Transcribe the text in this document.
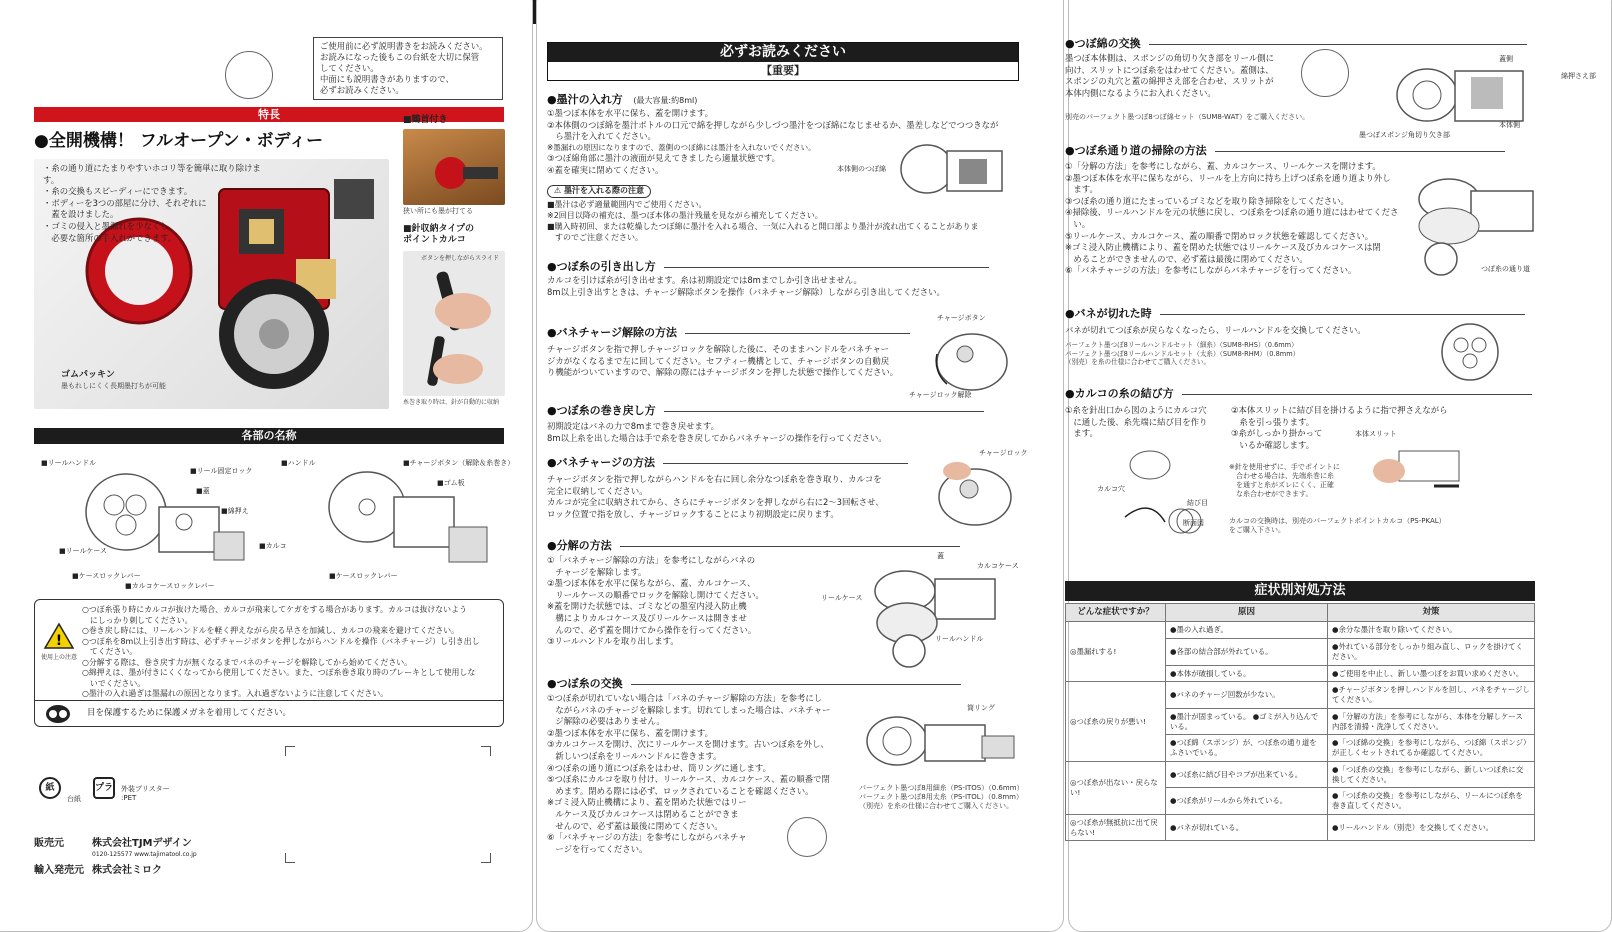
ご使用前に必ず説明書きをお読みください。
お読みになった後もこの台紙を大切に保管
してください。
中面にも説明書きがありますので、
必ずお読みください。
特長
●全開機構！ フルオープン・ボディー

・糸の通り道にたまりやすいホコリ等を簡単に取り除けます。

・糸の交換もスピーディーにできます。

・ボディーを3つの部屋に分け、それぞれに

　蓋を設けました。

・ゴミの侵入と墨漏れを少なくし、

　必要な箇所の手入れができます。

ゴムパッキン
墨もれしにくく長期墨打ちが可能
■鶴首付き
狭い所にも墨が打てる
■針収納タイプの
ポイントカルコ
ボタンを押しながらスライド
糸巻き取り時は、針が自動的に収納
各部の名称
■リールハンドル
■リール固定ロック
■蓋
■綿押え
■リールケース
■カルコ
■ケースロックレバー
■カルコケースロックレバー
■ハンドル	■チャージボタン（解除＆糸巻き）
■ゴム板
■ケースロックレバー
!
使用上の注意

○つぼ糸張り時にカルコが抜けた場合、カルコが飛来してケガをする場合があります。カルコは抜けないよう

　にしっかり刺してください。

○巻き戻し時には、リールハンドルを軽く押えながら戻る早さを加減し、カルコの飛来を避けてください。

○つぼ糸を8m以上引き出す時は、必ずチャージボタンを押しながらハンドルを操作（バネチャージ）し引き出し

　てください。

○分解する際は、巻き戻す力が無くなるまでバネのチャージを解除してから始めてください。

○綿押えは、墨が付きにくくなってから使用してください。また、つぼ糸巻き取り時のブレーキとして使用しな

　いでください。

○墨汁の入れ過ぎは墨漏れの原因となります。入れ過ぎないように注意してください。

目を保護するために保護メガネを着用してください。
紙
台紙
プラ 外装ブリスター
:PET
販売元	株式会社TJMデザイン
0120-125577 www.tajimatool.co.jp
輸入発売元 株式会社ミロク
必ずお読みください
【重要】
●墨汁の入れ方 (最大容量:約8ml)

①墨つぼ本体を水平に保ち、蓋を開けます。

②本体側のつぼ綿を墨汁ボトルの口元で綿を押しながら少しづつ墨汁をつぼ綿になじませるか、墨差しなどでつつきなが

　ら墨汁を入れてください。

※墨漏れの原因になりますので、蓋側のつぼ綿には墨汁を入れないでください。

③つぼ綿角部に墨汁の液面が見えてきましたら適量状態です。

④蓋を確実に閉めてください。

⚠ 墨汁を入れる際の注意

■墨汁は必ず適量範囲内でご使用ください。

※2回目以降の補充は、墨つぼ本体の墨汁残量を見ながら補充してください。

■購入時初回、または乾燥したつぼ綿に墨汁を入れる場合、一気に入れると開口部より墨汁が流れ出てくることがありま

　すのでご注意ください。

本体側のつぼ綿
●つぼ糸の引き出し方

カルコを引けば糸が引き出せます。糸は初期設定では8mまでしか引き出せません。

8m以上引き出すときは、チャージ解除ボタンを操作（バネチャージ解除）しながら引き出してください。

●バネチャージ解除の方法

チャージボタンを指で押しチャージロックを解除した後に、そのままハンドルをバネチャー

ジカがなくなるまで左に回してください。セフティー機構として、チャージボタンの自動戻

り機能がついていますので、解除の際にはチャージボタンを押した状態で操作してください。

チャージボタン
チャージロック解除
●つぼ糸の巻き戻し方

初期設定はバネの力で8mまで巻き戻せます。

8m以上糸を出した場合は手で糸を巻き戻してからバネチャージの操作を行ってください。

●バネチャージの方法

チャージボタンを指で押しながらハンドルを右に回し余分なつぼ糸を巻き取り、カルコを

完全に収納してください。

カルコが完全に収納されてから、さらにチャージボタンを押しながら右に2〜3回転させ、

ロック位置で指を放し、チャージロックすることにより初期設定に戻ります。

チャージロック
●分解の方法

①「バネチャージ解除の方法」を参考にしながらバネの

　チャージを解除します。

②墨つぼ本体を水平に保ちながら、蓋、カルコケース、

　リールケースの順番でロックを解除し開けてください。

※蓋を開けた状態では、ゴミなどの墨室内浸入防止機

　構によりカルコケース及びリールケースは開きませ

　んので、必ず蓋を開けてから操作を行ってください。

③リールハンドルを取り出します。

蓋
カルコケース
リールケース
リールハンドル
●つぼ糸の交換

①つぼ糸が切れていない場合は「バネのチャージ解除の方法」を参考にし

　ながらバネのチャージを解除します。切れてしまった場合は、バネチャー

　ジ解除の必要はありません。

②墨つぼ本体を水平に保ち、蓋を開けます。

③カルコケースを開け、次にリールケースを開けます。古いつぼ糸を外し、

　新しいつぼ糸をリールハンドルに巻きます。

④つぼ糸の通り道につぼ糸をはわせ、筒リングに通します。

⑤つぼ糸にカルコを取り付け、リールケース、カルコケース、蓋の順番で閉

　めます。閉める際には必ず、ロックされていることを確認ください。

※ゴミ浸入防止機構により、蓋を閉めた状態ではリー

　ルケース及びカルコケースは閉めることができま

　せんので、必ず蓋は最後に閉めてください。

⑥「バネチャージの方法」を参考にしながらバネチャ

　ージを行ってください。

筒リング
パーフェクト墨つぼ8用細糸（PS-ITOS）（0.6mm）
パーフェクト墨つぼ8用太糸（PS-ITOL）（0.8mm）
（別売）を糸の仕様に合わせてご購入ください。
●つぼ綿の交換

墨つぼ本体側は、スポンジの角切り欠き部をリール側に

向け、スリットにつぼ糸をはわせてください。蓋側は、

スポンジの丸穴と蓋の綿押さえ部を合わせ、スリットが

本体内側になるようにお入れください。

別売のパーフェクト墨つぼ8つぼ綿セット（SUM8-WAT）をご購入ください。
蓋側
綿押さえ部
本体側
墨つぼスポンジ角切り欠き部
●つぼ糸通り道の掃除の方法

①「分解の方法」を参考にしながら、蓋、カルコケース、リールケースを開けます。

②墨つぼ本体を水平に保ちながら、リールを上方向に持ち上げつぼ糸を通り道より外し

　ます。

③つぼ糸の通り道にたまっているゴミなどを取り除き掃除をしてください。

④掃除後、リールハンドルを元の状態に戻し、つぼ糸をつぼ糸の通り道にはわせてくださ

　い。

⑤リールケース、カルコケース、蓋の順番で閉めロック状態を確認してください。

※ゴミ浸入防止機構により、蓋を閉めた状態ではリールケース及びカルコケースは閉

　めることができませんので、必ず蓋は最後に閉めてください。

⑥「バネチャージの方法」を参考にしながらバネチャージを行ってください。	つぼ糸の通り道
●バネが切れた時
バネが切れてつぼ糸が戻らなくなったら、リールハンドルを交換してください。
パーフェクト墨つぼ8リールハンドルセット（細糸）（SUM8-RHS）（0.6mm）
パーフェクト墨つぼ8リールハンドルセット（太糸）（SUM8-RHM）（0.8mm）
（別売）を糸の仕様に合わせてご購入ください。
●カルコの糸の結び方

①糸を針出口から図のようにカルコ穴

　に通した後、糸先端に結び目を作り

　ます。

②本体スリットに結び目を掛けるように指で押さえながら

　糸を引っ張ります。

③糸がしっかり掛かって

　いるか確認します。

カルコ穴
結び目
断面図
本体スリット
※針を使用せずに、手でポイントに
　合わせる場合は、先端糸巻に糸
　を通すと糸がズレにくく、正確
　な糸合わせができます。
カルコの交換時は、別売のパーフェクトポイントカルコ（PS-PKAL）
をご購入下さい。
症状別対処方法
どんな症状ですか？	原因	対策
◎墨漏れする!	●墨の入れ過ぎ。	●余分な墨汁を取り除いてください。
	●各部の結合部が外れている。	●外れている部分をしっかり組み直し、ロックを掛けてください。
	●本体が破損している。	●ご使用を中止し、新しい墨つぼをお買い求めください。
◎つぼ糸の戻りが悪い!	●バネのチャージ回数が少ない。	●チャージボタンを押しハンドルを回し、バネをチャージしてください。
	●墨汁が固まっている。 ●ゴミが入り込んでいる。	●「分解の方法」を参考にしながら、本体を分解しケース内部を清掃・洗浄してください。
	●つぼ綿（スポンジ）が、つぼ糸の通り道をふさいでいる。	●「つぼ綿の交換」を参考にしながら、つぼ綿（スポンジ）が正しくセットされてるか確認してください。
◎つぼ糸が出ない・戻らない!	●つぼ糸に結び目やコブが出来ている。	●「つぼ糸の交換」を参考にしながら、新しいつぼ糸に交換してください。
	●つぼ糸がリールから外れている。	●「つぼ糸の交換」を参考にしながら、リールにつぼ糸を巻き直してください。
◎つぼ糸が無抵抗に出て戻らない!	●バネが切れている。	●リールハンドル（別売）を交換してください。
